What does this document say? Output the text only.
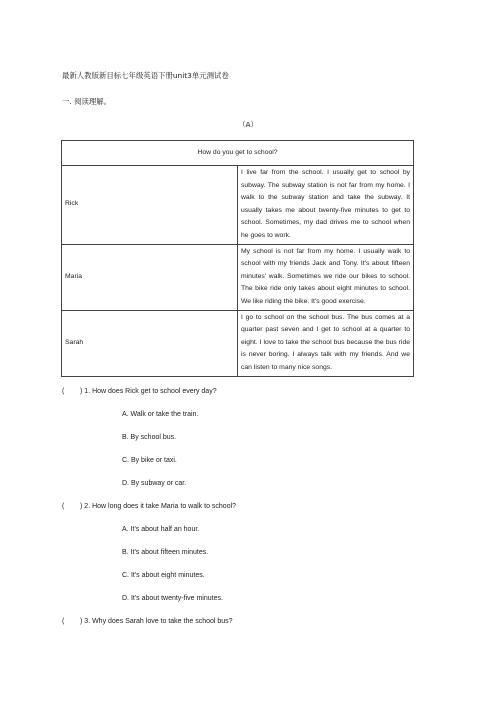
最新人教版新目标七年级英语下册unit3单元测试卷
一. 阅读理解。
（A）
How do you get to school?	
Rick	I live far from the school. I usually get to school by subway. The subway station is not far from my home. I walk to the subway station and take the subway. It usually takes me about twenty-five minutes to get to school. Sometimes, my dad drives me to school when he goes to work.
Maria	My school is not far from my home. I usually walk to school with my friends Jack and Tony. It's about fifteen minutes' walk. Sometimes we ride our bikes to school. The bike ride only takes about eight minutes to school. We like riding the bike. It's good exercise.
Sarah	I go to school on the school bus. The bus comes at a quarter past seven and I get to school at a quarter to eight. I love to take the school bus because the bus ride is never boring. I always talk with my friends. And we can listen to many nice songs.
( ) 1. How does Rick get to school every day?
A. Walk or take the train.
B. By school bus.
C. By bike or taxi.
D. By subway or car.
( ) 2. How long does it take Maria to walk to school?
A. It's about half an hour.
B. It's about fifteen minutes.
C. It's about eight minutes.
D. It's about twenty-five minutes.
( ) 3. Why does Sarah love to take the school bus?
